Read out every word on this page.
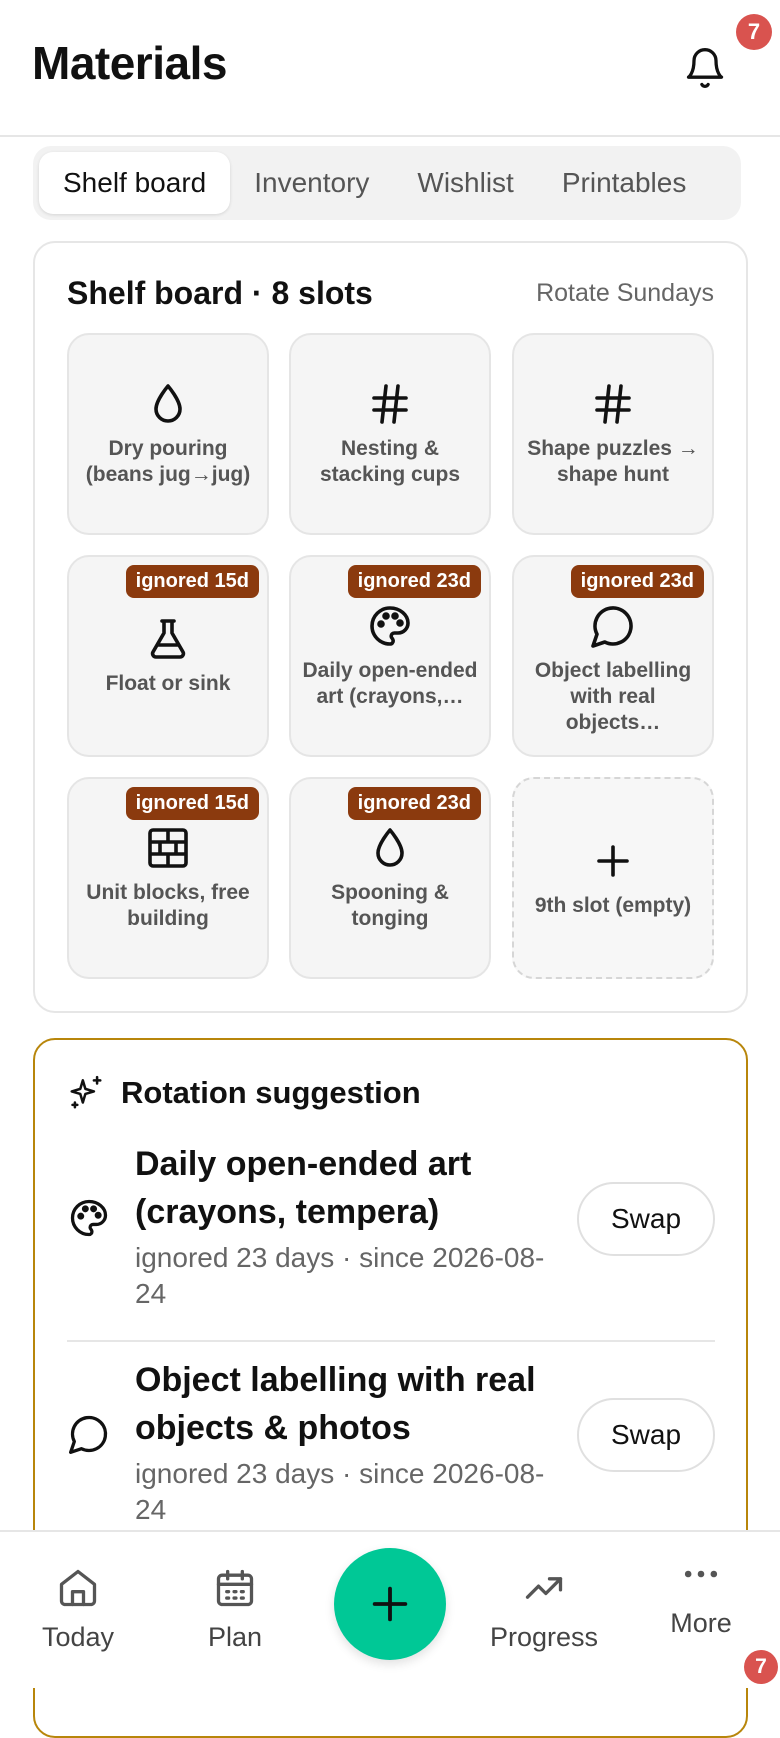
Materials
7
Shelf board	Inventory	Wishlist	Printables
Shelf board · 8 slots	Rotate Sundays
Dry pouring (beans jug→jug)
Nesting & stacking cups
Shape puzzles → shape hunt
ignored 15d
Float or sink
ignored 23d
Daily open-ended art (crayons,…
ignored 23d
Object labelling with real objects…
ignored 15d
Unit blocks, free building
ignored 23d
Spooning & tonging
9th slot (empty)
Rotation suggestion
Daily open-ended art (crayons, tempera)
ignored 23 days · since 2026-08-24
Swap
Object labelling with real objects & photos
ignored 23 days · since 2026-08-24
Swap
Today	Plan	Progress	More
7
